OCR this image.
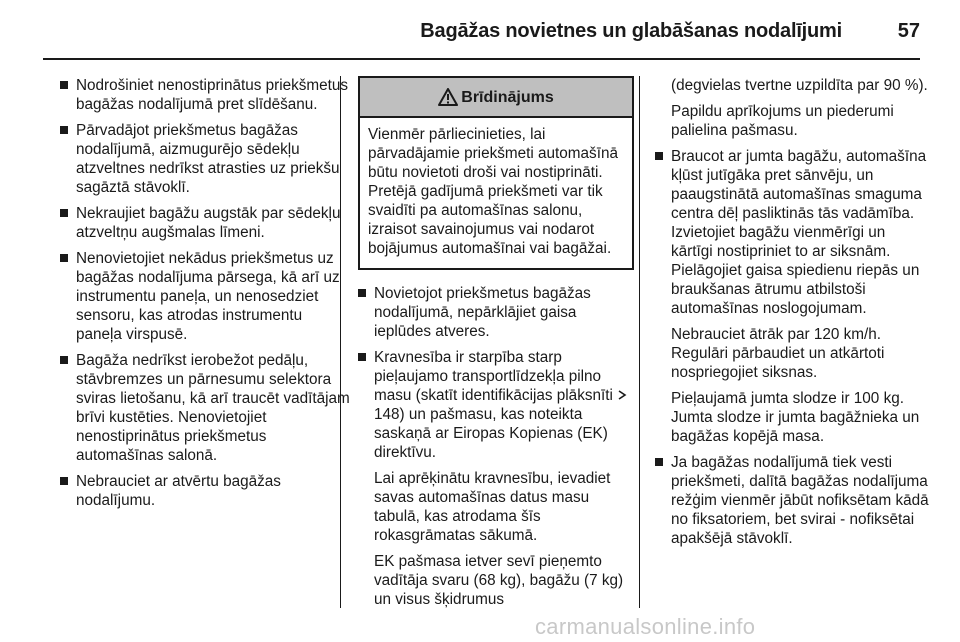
Bagāžas novietnes un glabāšanas nodalījumi	57
Nodrošiniet nenostiprinātus priekšmetus bagāžas nodalījumā pret slīdēšanu.
Pārvadājot priekšmetus bagāžas nodalījumā, aizmugurējo sēdekļu atzveltnes nedrīkst atrasties uz priekšu sagāztā stāvoklī.
Nekraujiet bagāžu augstāk par sēdekļu atzveltņu augšmalas līmeni.
Nenovietojiet nekādus priekšmetus uz bagāžas nodalījuma pārsega, kā arī uz instrumentu paneļa, un nenosedziet sensoru, kas atrodas instrumentu paneļa virspusē.
Bagāža nedrīkst ierobežot pedāļu, stāvbremzes un pārnesumu selektora sviras lietošanu, kā arī traucēt vadītājam brīvi kustēties. Nenovietojiet nenostiprinātus priekšmetus automašīnas salonā.
Nebrauciet ar atvērtu bagāžas nodalījumu.
Brīdinājums
Vienmēr pārliecinieties, lai pārvadājamie priekšmeti automašīnā būtu novietoti droši vai nostiprināti. Pretējā gadījumā priekšmeti var tik svaidīti pa automašīnas salonu, izraisot savainojumus vai nodarot bojājumus automašīnai vai bagāžai.
Novietojot priekšmetus bagāžas nodalījumā, nepārklājiet gaisa ieplūdes atveres.
Kravnesība ir starpība starp pieļaujamo transportlīdzekļa pilno masu (skatīt identifikācijas plāksnīti  148) un pašmasu, kas noteikta saskaņā ar Eiropas Kopienas (EK) direktīvu.
Lai aprēķinātu kravnesību, ievadiet savas automašīnas datus masu tabulā, kas atrodama šīs rokasgrāmatas sākumā.
EK pašmasa ietver sevī pieņemto vadītāja svaru (68 kg), bagāžu (7 kg) un visus šķidrumus
(degvielas tvertne uzpildīta par 90 %).
Papildu aprīkojums un piederumi palielina pašmasu.
Braucot ar jumta bagāžu, automašīna kļūst jutīgāka pret sānvēju, un paaugstinātā automašīnas smaguma centra dēļ pasliktinās tās vadāmība. Izvietojiet bagāžu vienmērīgi un kārtīgi nostipriniet to ar siksnām. Pielāgojiet gaisa spiedienu riepās un braukšanas ātrumu atbilstoši automašīnas noslogojumam.
Nebrauciet ātrāk par 120 km/h. Regulāri pārbaudiet un atkārtoti nospriegojiet siksnas.
Pieļaujamā jumta slodze ir 100 kg. Jumta slodze ir jumta bagāžnieka un bagāžas kopējā masa.
Ja bagāžas nodalījumā tiek vesti priekšmeti, dalītā bagāžas nodalījuma režģim vienmēr jābūt nofiksētam kādā no fiksatoriem, bet svirai - nofiksētai apakšējā stāvoklī.
carmanualsonline.info
